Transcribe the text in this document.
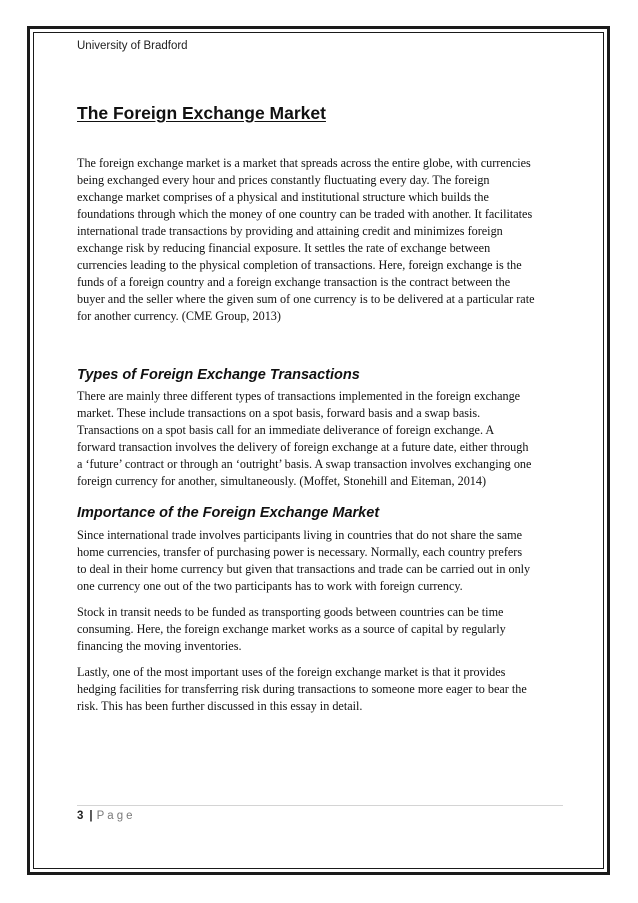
University of Bradford
The Foreign Exchange Market

The foreign exchange market is a market that spreads across the entire globe, with currencies
being exchanged every hour and prices constantly fluctuating every day. The foreign
exchange market comprises of a physical and institutional structure which builds the
foundations through which the money of one country can be traded with another. It facilitates
international trade transactions by providing and attaining credit and minimizes foreign
exchange risk by reducing financial exposure. It settles the rate of exchange between
currencies leading to the physical completion of transactions. Here, foreign exchange is the
funds of a foreign country and a foreign exchange transaction is the contract between the
buyer and the seller where the given sum of one currency is to be delivered at a particular rate
for another currency. (CME Group, 2013)

Types of Foreign Exchange Transactions

There are mainly three different types of transactions implemented in the foreign exchange
market. These include transactions on a spot basis, forward basis and a swap basis.
Transactions on a spot basis call for an immediate deliverance of foreign exchange. A
forward transaction involves the delivery of foreign exchange at a future date, either through
a ‘future’ contract or through an ‘outright’ basis. A swap transaction involves exchanging one
foreign currency for another, simultaneously. (Moffet, Stonehill and Eiteman, 2014)

Importance of the Foreign Exchange Market

Since international trade involves participants living in countries that do not share the same
home currencies, transfer of purchasing power is necessary. Normally, each country prefers
to deal in their home currency but given that transactions and trade can be carried out in only
one currency one out of the two participants has to work with foreign currency.

Stock in transit needs to be funded as transporting goods between countries can be time
consuming. Here, the foreign exchange market works as a source of capital by regularly
financing the moving inventories.

Lastly, one of the most important uses of the foreign exchange market is that it provides
hedging facilities for transferring risk during transactions to someone more eager to bear the
risk. This has been further discussed in this essay in detail.

3 | Page
